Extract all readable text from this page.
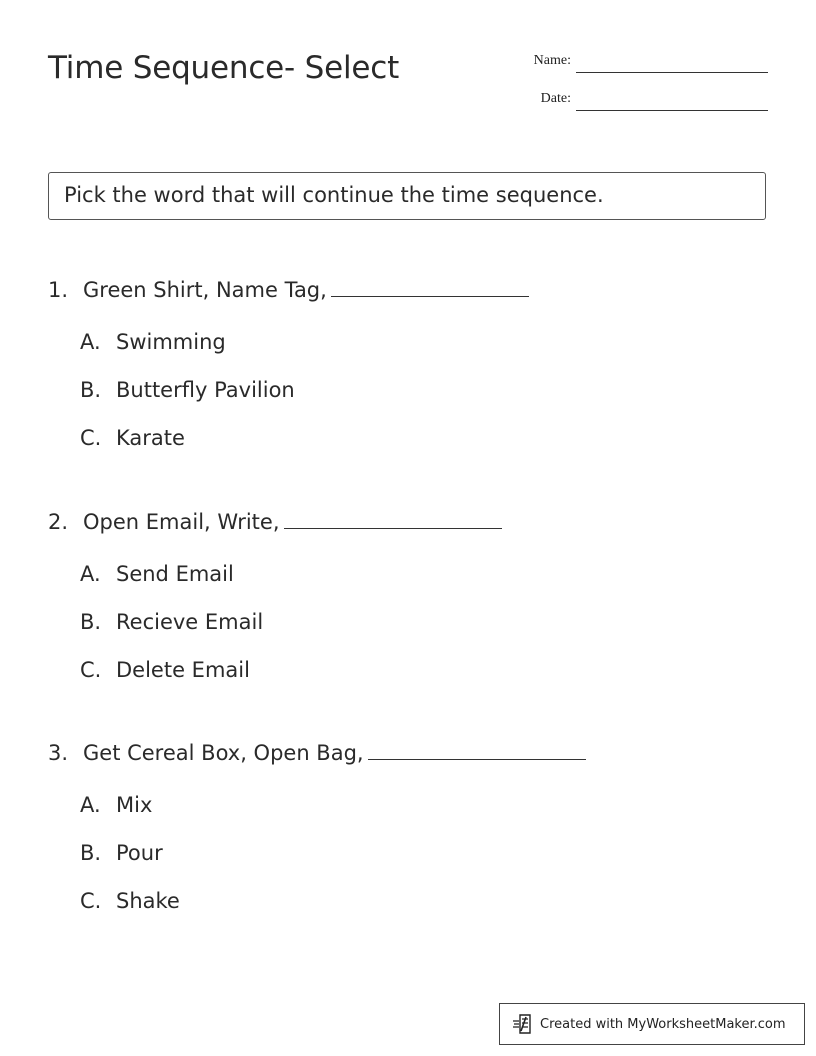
Time Sequence- Select	Name:
Date:
Pick the word that will continue the time sequence.
1. Green Shirt, Name Tag,
A. Swimming
B. Butterfly Pavilion
C. Karate
2. Open Email, Write,
A. Send Email
B. Recieve Email
C. Delete Email
3. Get Cereal Box, Open Bag,
A. Mix
B. Pour
C. Shake
Created with MyWorksheetMaker.com
